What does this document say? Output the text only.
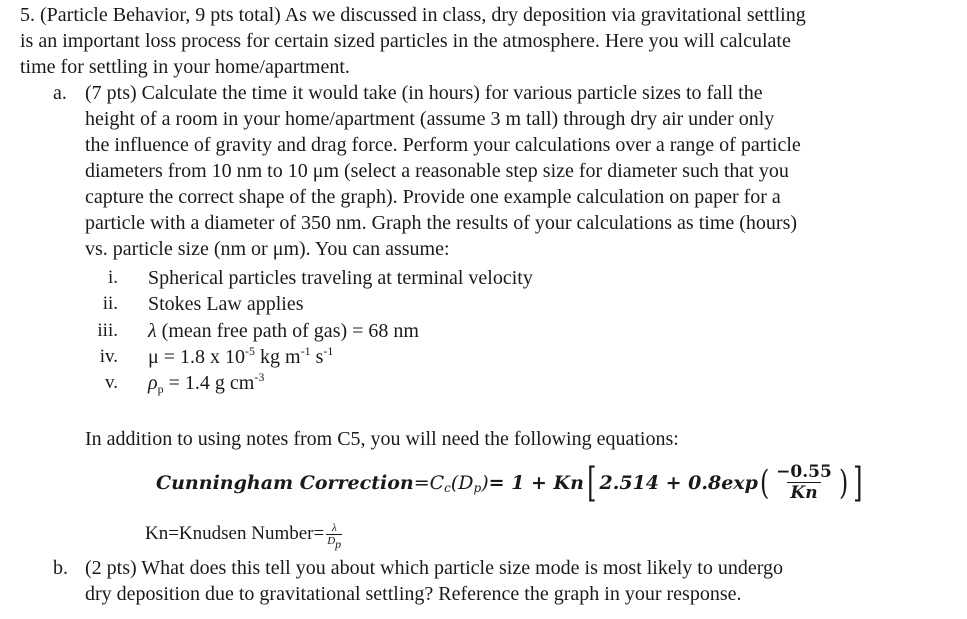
5. (Particle Behavior, 9 pts total) As we discussed in class, dry deposition via gravitational settling
is an important loss process for certain sized particles in the atmosphere. Here you will calculate
time for settling in your home/apartment.
a. (7 pts) Calculate the time it would take (in hours) for various particle sizes to fall the
height of a room in your home/apartment (assume 3 m tall) through dry air under only
the influence of gravity and drag force. Perform your calculations over a range of particle
diameters from 10 nm to 10 μm (select a reasonable step size for diameter such that you
capture the correct shape of the graph). Provide one example calculation on paper for a
particle with a diameter of 350 nm. Graph the results of your calculations as time (hours)
vs. particle size (nm or μm). You can assume:
i. Spherical particles traveling at terminal velocity
ii. Stokes Law applies
iii. λ (mean free path of gas) = 68 nm
iv. μ = 1.8 x $10^{-5}$ kg $m^{-1}$ $s^{-1}$
v. $\rho_p = 1.4$ g $cm^{-3}$
In addition to using notes from C5, you will need the following equations:
Cunningham $Correction=C_c(D_p)= 1 + Kn$[ $2.514 + 0.8\exp( \frac{-0.55}{Kn}$ ) ]
Kn=Knudsen Number= $\frac{\lambda}{D_p}$
b. (2 pts) What does this tell you about which particle size mode is most likely to undergo
dry deposition due to gravitational settling? Reference the graph in your response.
